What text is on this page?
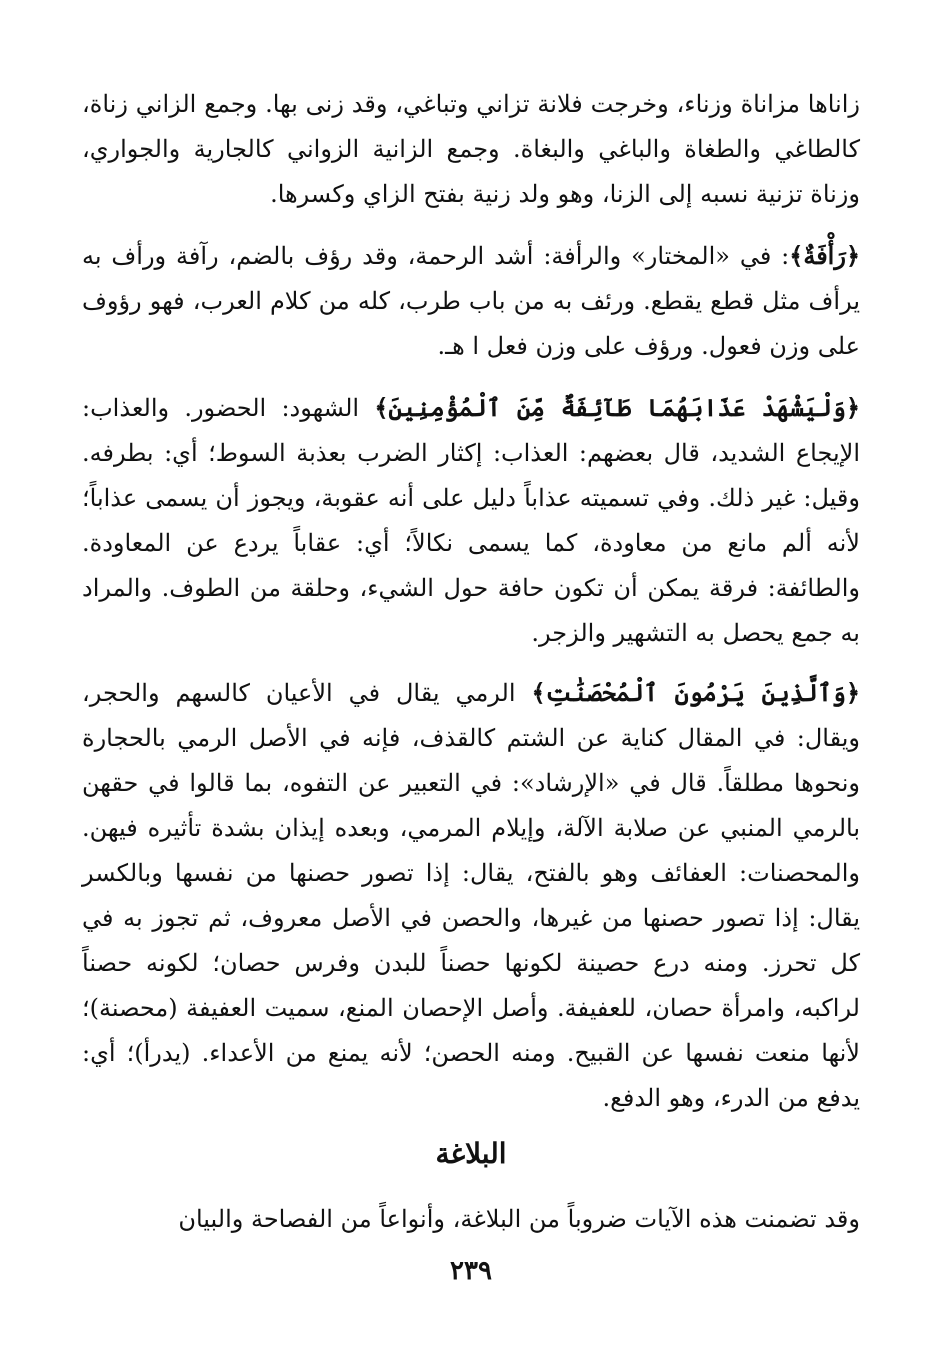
زاناها مزاناة وزناء، وخرجت فلانة تزاني وتباغي، وقد زنى بها. وجمع الزاني زناة، كالطاغي والطغاة والباغي والبغاة. وجمع الزانية الزواني كالجارية والجواري، وزناة تزنية نسبه إلى الزنا، وهو ولد زنية بفتح الزاي وكسرها.

﴿رَأْفَةٌ﴾: في «المختار» والرأفة: أشد الرحمة، وقد رؤف بالضم، رآفة ورأف به يرأف مثل قطع يقطع. ورئف به من باب طرب، كله من كلام العرب، فهو رؤوف على وزن فعول. ورؤف على وزن فعل ا هـ.

﴿وَلْيَشْهَدْ عَذَابَهُمَا طَآئِفَةٌ مِّنَ ٱلْمُؤْمِنِينَ﴾ الشهود: الحضور. والعذاب: الإيجاع الشديد، قال بعضهم: العذاب: إكثار الضرب بعذبة السوط؛ أي: بطرفه. وقيل: غير ذلك. وفي تسميته عذاباً دليل على أنه عقوبة، ويجوز أن يسمى عذاباً؛ لأنه ألم مانع من معاودة، كما يسمى نكالاً؛ أي: عقاباً يردع عن المعاودة. والطائفة: فرقة يمكن أن تكون حافة حول الشيء، وحلقة من الطوف. والمراد به جمع يحصل به التشهير والزجر.

﴿وَٱلَّذِينَ يَرْمُونَ ٱلْمُحْصَنَٰتِ﴾ الرمي يقال في الأعيان كالسهم والحجر، ويقال: في المقال كناية عن الشتم كالقذف، فإنه في الأصل الرمي بالحجارة ونحوها مطلقاً. قال في «الإرشاد»: في التعبير عن التفوه، بما قالوا في حقهن بالرمي المنبي عن صلابة الآلة، وإيلام المرمي، وبعده إيذان بشدة تأثيره فيهن. والمحصنات: العفائف وهو بالفتح، يقال: إذا تصور حصنها من نفسها وبالكسر يقال: إذا تصور حصنها من غيرها، والحصن في الأصل معروف، ثم تجوز به في كل تحرز. ومنه درع حصينة لكونها حصناً للبدن وفرس حصان؛ لكونه حصناً لراكبه، وامرأة حصان، للعفيفة. وأصل الإحصان المنع، سميت العفيفة (محصنة)؛ لأنها منعت نفسها عن القبيح. ومنه الحصن؛ لأنه يمنع من الأعداء. (يدرأ)؛ أي: يدفع من الدرء، وهو الدفع.

البلاغة

وقد تضمنت هذه الآيات ضروباً من البلاغة، وأنواعاً من الفصاحة والبيان

٢٣٩
